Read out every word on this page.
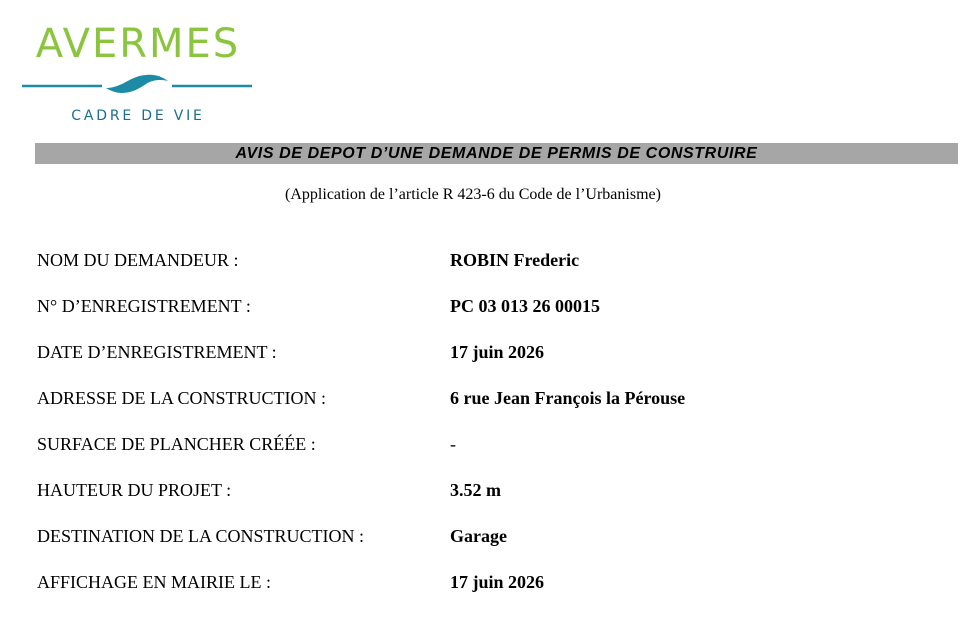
AVERMES
CADRE DE VIE
AVIS DE DEPOT D’UNE DEMANDE DE PERMIS DE CONSTRUIRE
(Application de l’article R 423-6 du Code de l’Urbanisme)
NOM DU DEMANDEUR :	ROBIN Frederic
N° D’ENREGISTREMENT :	PC 03 013 26 00015
DATE D’ENREGISTREMENT :	17 juin 2026
ADRESSE DE LA CONSTRUCTION :	6 rue Jean François la Pérouse
SURFACE DE PLANCHER CRÉÉE :	-
HAUTEUR DU PROJET :	3.52 m
DESTINATION DE LA CONSTRUCTION :	Garage
AFFICHAGE EN MAIRIE LE :	17 juin 2026
